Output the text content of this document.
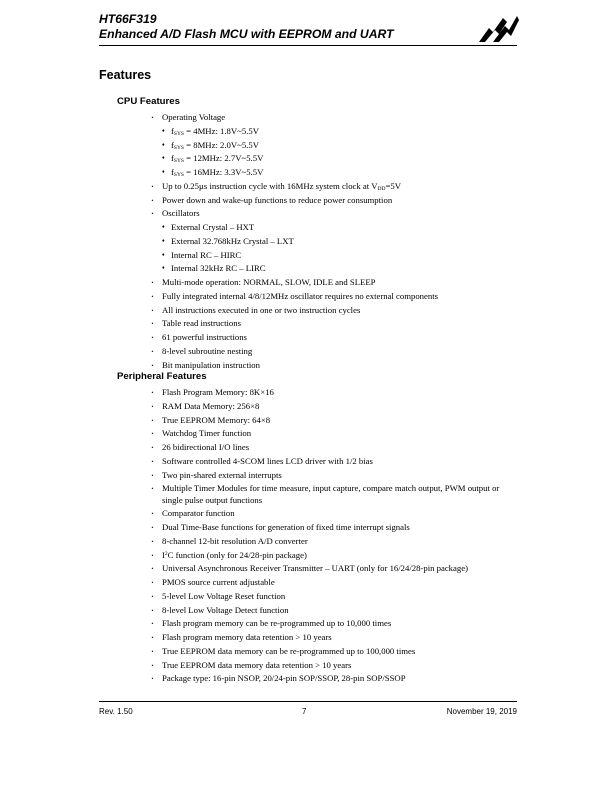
HT66F319
Enhanced A/D Flash MCU with EEPROM and UART
Features
CPU Features
· Operating Voltage
♦ $f_{SYS} = 4MHz$: 1.8V~5.5V
♦ $f_{SYS} = 8MHz$: 2.0V~5.5V
♦ $f_{SYS} = 12MHz$: 2.7V~5.5V
♦ $f_{SYS} = 16MHz$: 3.3V~5.5V
· Up to 0.25µs instruction cycle with 16MHz system clock at $V_{DD}=5V$
· Power down and wake-up functions to reduce power consumption
· Oscillators
♦ External Crystal – HXT
♦ External 32.768kHz Crystal – LXT
♦ Internal RC – HIRC
♦ Internal 32kHz RC – LIRC
· Multi-mode operation: NORMAL, SLOW, IDLE and SLEEP
· Fully integrated internal 4/8/12MHz oscillator requires no external components
· All instructions executed in one or two instruction cycles
· Table read instructions
· 61 powerful instructions
· 8-level subroutine nesting
· Bit manipulation instruction
Peripheral Features
· Flash Program Memory: 8K×16
· RAM Data Memory: 256×8
· True EEPROM Memory: 64×8
· Watchdog Timer function
· 26 bidirectional I/O lines
· Software controlled 4-SCOM lines LCD driver with 1/2 bias
· Two pin-shared external interrupts
· Multiple Timer Modules for time measure, input capture, compare match output, PWM output or single pulse output functions
· Comparator function
· Dual Time-Base functions for generation of fixed time interrupt signals
· 8-channel 12-bit resolution A/D converter
· $I^2C$ function (only for 24/28-pin package)
· Universal Asynchronous Receiver Transmitter – UART (only for 16/24/28-pin package)
· PMOS source current adjustable
· 5-level Low Voltage Reset function
· 8-level Low Voltage Detect function
· Flash program memory can be re-programmed up to 10,000 times
· Flash program memory data retention > 10 years
· True EEPROM data memory can be re-programmed up to 100,000 times
· True EEPROM data memory data retention > 10 years
· Package type: 16-pin NSOP, 20/24-pin SOP/SSOP, 28-pin SOP/SSOP
Rev. 1.50	7	November 19, 2019
